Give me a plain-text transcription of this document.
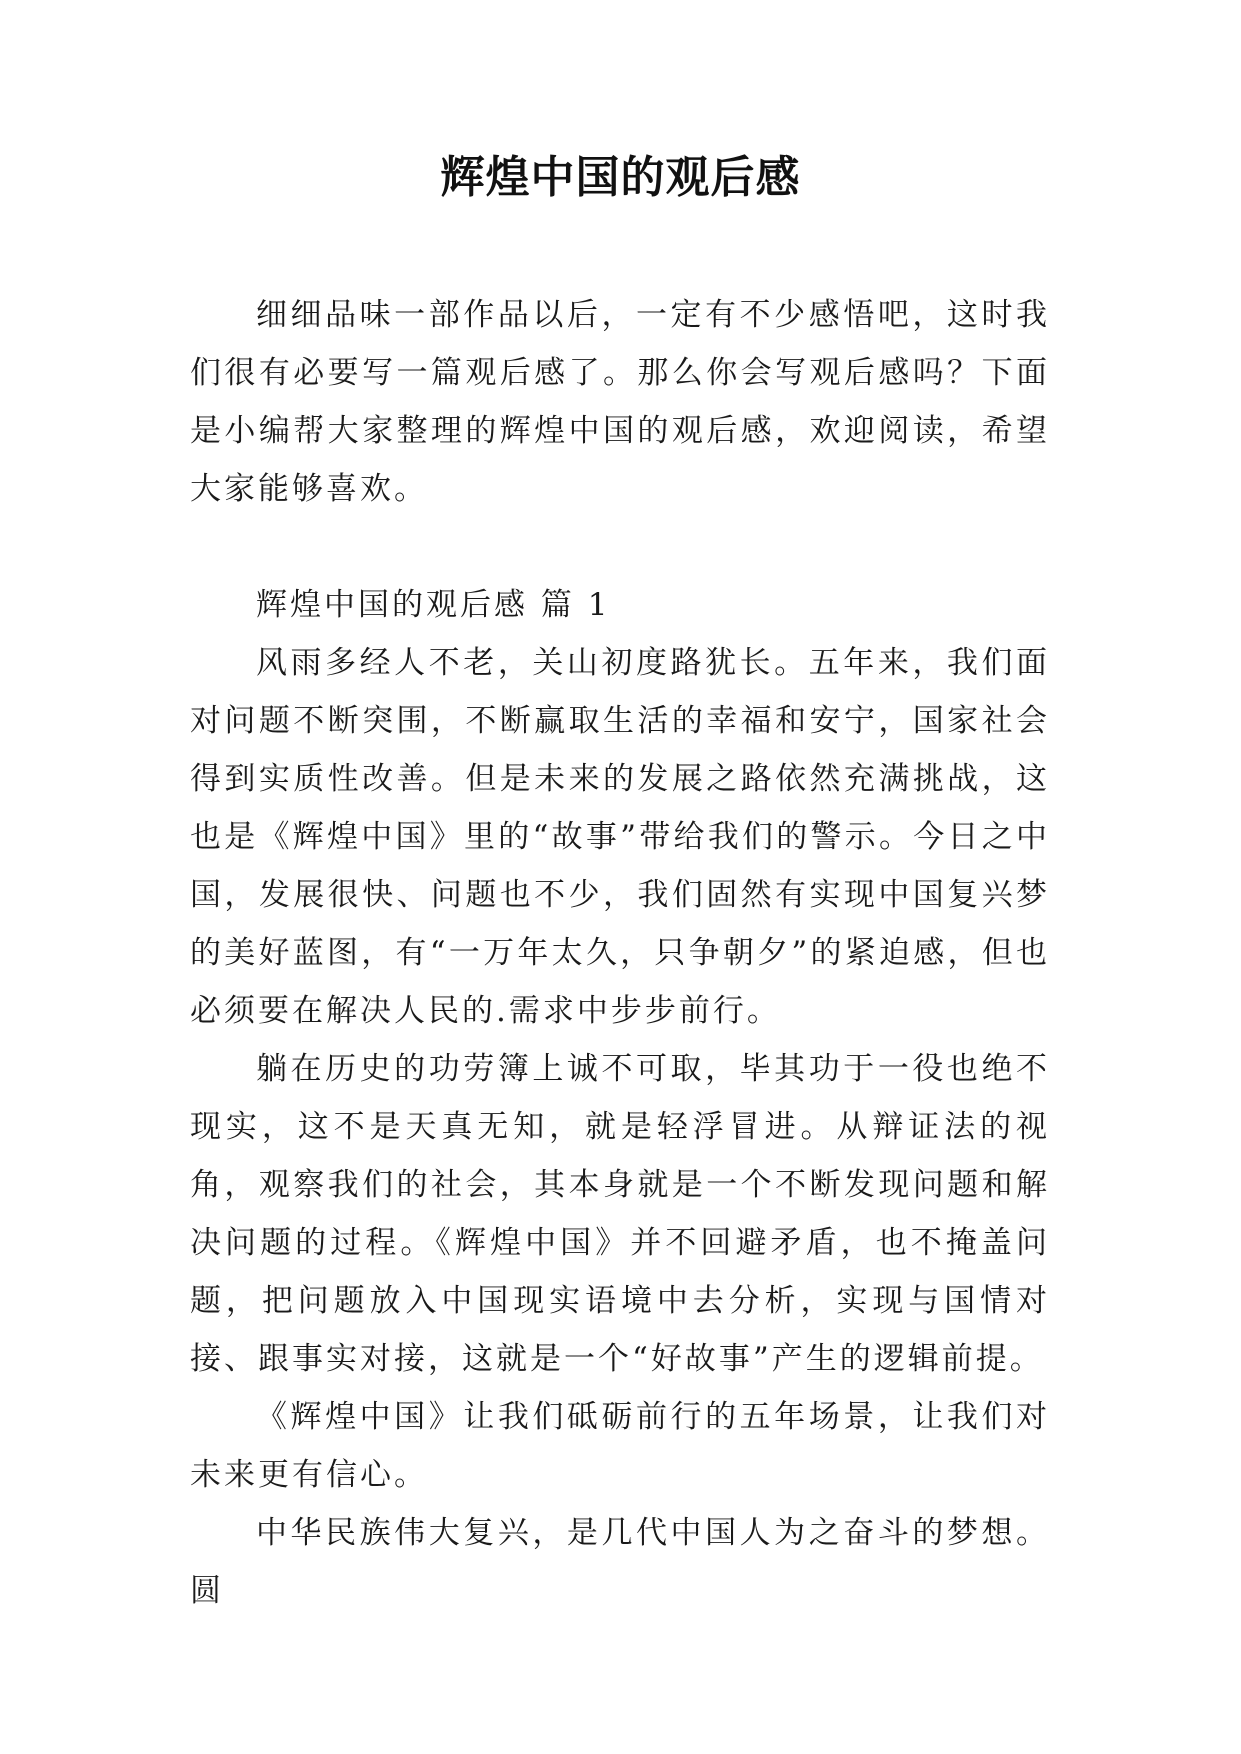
辉煌中国的观后感

细细品味一部作品以后，一定有不少感悟吧，这时我们很有必要写一篇观后感了。那么你会写观后感吗？下面是小编帮大家整理的辉煌中国的观后感，欢迎阅读，希望大家能够喜欢。

辉煌中国的观后感 篇 1

风雨多经人不老，关山初度路犹长。五年来，我们面对问题不断突围，不断赢取生活的幸福和安宁，国家社会得到实质性改善。但是未来的发展之路依然充满挑战，这也是《辉煌中国》里的“故事”带给我们的警示。今日之中国，发展很快、问题也不少，我们固然有实现中国复兴梦的美好蓝图，有“一万年太久，只争朝夕”的紧迫感，但也必须要在解决人民的.需求中步步前行。

躺在历史的功劳簿上诚不可取，毕其功于一役也绝不现实，这不是天真无知，就是轻浮冒进。从辩证法的视角，观察我们的社会，其本身就是一个不断发现问题和解决问题的过程。《辉煌中国》并不回避矛盾，也不掩盖问题，把问题放入中国现实语境中去分析，实现与国情对接、跟事实对接，这就是一个“好故事”产生的逻辑前提。

《辉煌中国》让我们砥砺前行的五年场景，让我们对未来更有信心。

中华民族伟大复兴，是几代中国人为之奋斗的梦想。圆
